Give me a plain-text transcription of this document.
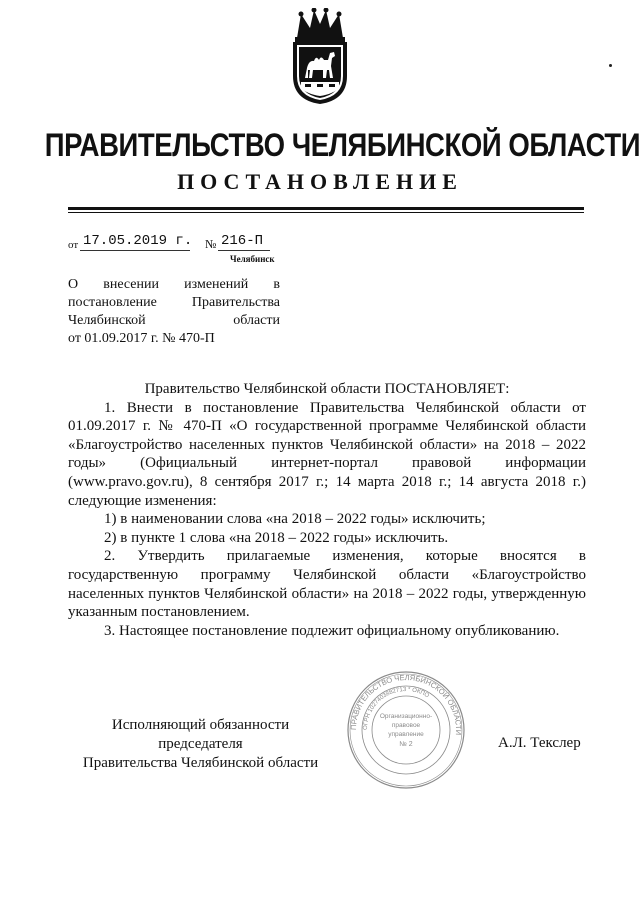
ПРАВИТЕЛЬСТВО ЧЕЛЯБИНСКОЙ ОБЛАСТИ
ПОСТАНОВЛЕНИЕ
от 17.05.2019 г. № 216-П
Челябинск
О внесении изменений в
постановление Правительства
Челябинской области
от 01.09.2017 г. № 470-П

Правительство Челябинской области ПОСТАНОВЛЯЕТ:

1. Внести в постановление Правительства Челябинской области от 01.09.2017 г. № 470-П «О государственной программе Челябинской области «Благоустройство населенных пунктов Челябинской области» на 2018 – 2022 годы» (Официальный интернет-портал правовой информации (www.pravo.gov.ru), 8 сентября 2017 г.; 14 марта 2018 г.; 14 августа 2018 г.) следующие изменения:

1) в наименовании слова «на 2018 – 2022 годы» исключить;

2) в пункте 1 слова «на 2018 – 2022 годы» исключить.

2. Утвердить прилагаемые изменения, которые вносятся в государственную программу Челябинской области «Благоустройство населенных пунктов Челябинской области» на 2018 – 2022 годы, утвержденную указанным постановлением.

3. Настоящее постановление подлежит официальному опубликованию.

Исполняющий обязанности председателя
Правительства Челябинской области
А.Л. Текслер
ПРАВИТЕЛЬСТВО ЧЕЛЯБИНСКОЙ ОБЛАСТИ
ОГРН 1027403882713 * ОКПО
Организационно-
правовое
управление
№ 2
